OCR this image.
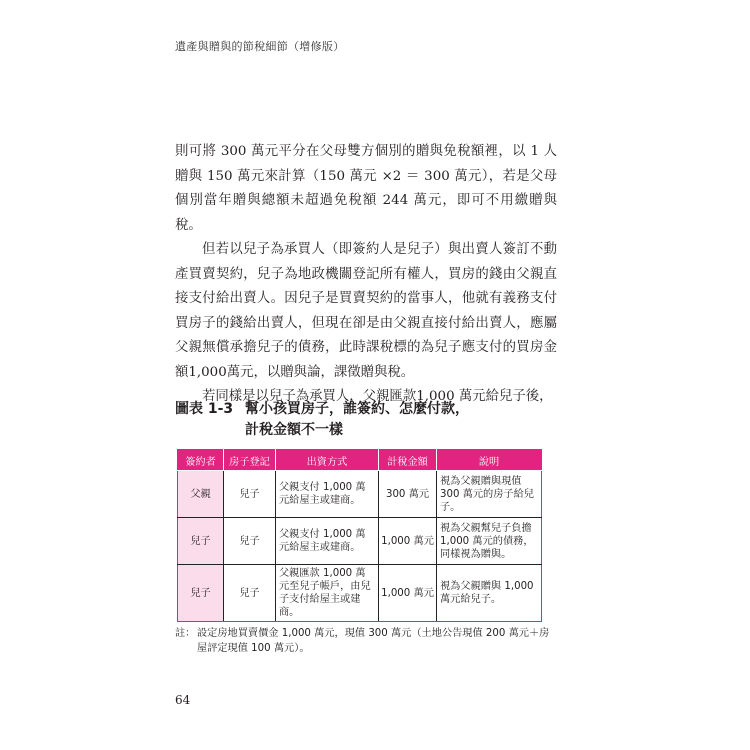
遺產與贈與的節稅細節（增修版）

則可將 300 萬元平分在父母雙方個別的贈與免稅額裡，以 1 人贈與 150 萬元來計算（150 萬元 ×2 ＝ 300 萬元），若是父母個別當年贈與總額未超過免稅額 244 萬元，即可不用繳贈與稅。

但若以兒子為承買人（即簽約人是兒子）與出賣人簽訂不動產買賣契約，兒子為地政機關登記所有權人，買房的錢由父親直接支付給出賣人。因兒子是買賣契約的當事人，他就有義務支付買房子的錢給出賣人，但現在卻是由父親直接付給出賣人，應屬父親無償承擔兒子的債務，此時課稅標的為兒子應支付的買房金額1,000萬元，以贈與論，課徵贈與稅。

若同樣是以兒子為承買人，父親匯款1,000 萬元給兒子後，

圖表 1-3 幫小孩買房子，誰簽約、怎麼付款，
計稅金額不一樣
簽約者	房子登記	出資方式	計稅金額	說明
父親	兒子	父親支付 1,000 萬元給屋主或建商。	300 萬元	視為父親贈與現值 300 萬元的房子給兒子。
兒子	兒子	父親支付 1,000 萬元給屋主或建商。	1,000 萬元	視為父親幫兒子負擔 1,000 萬元的債務，同樣視為贈與。
兒子	兒子	父親匯款 1,000 萬元至兒子帳戶，由兒子支付給屋主或建商。	1,000 萬元	視為父親贈與 1,000 萬元給兒子。
註： 設定房地買賣價金 1,000 萬元，現值 300 萬元（土地公告現值 200 萬元＋房屋評定現值 100 萬元）。
64
